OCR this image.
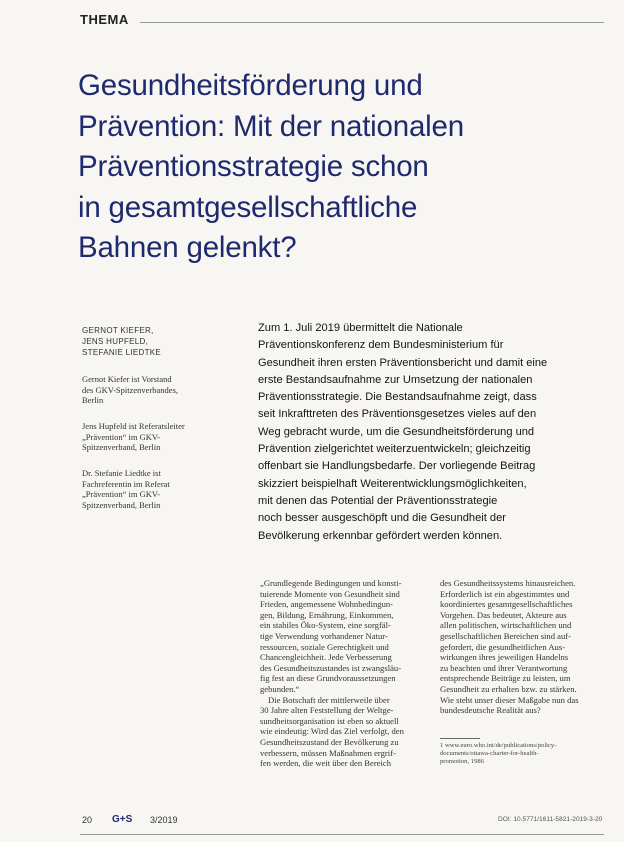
THEMA
Gesundheitsförderung und
Prävention: Mit der nationalen
Präventionsstrategie schon
in gesamtgesellschaftliche
Bahnen gelenkt?
GERNOT KIEFER,
JENS HUPFELD,
STEFANIE LIEDTKE
Gernot Kiefer ist Vorstand
des GKV-Spitzenverbandes,
Berlin
Jens Hupfeld ist Referatsleiter
„Prävention“ im GKV-
Spitzenverband, Berlin
Dr. Stefanie Liedtke ist
Fachreferentin im Referat
„Prävention“ im GKV-
Spitzenverband, Berlin
Zum 1. Juli 2019 übermittelt die Nationale
Präventionskonferenz dem Bundesministerium für
Gesundheit ihren ersten Präventionsbericht und damit eine
erste Bestandsaufnahme zur Umsetzung der nationalen
Präventionsstrategie. Die Bestandsaufnahme zeigt, dass
seit Inkrafttreten des Präventionsgesetzes vieles auf den
Weg gebracht wurde, um die Gesundheitsförderung und
Prävention zielgerichtet weiterzuentwickeln; gleichzeitig
offenbart sie Handlungsbedarfe. Der vorliegende Beitrag
skizziert beispielhaft Weiterentwicklungsmöglichkeiten,
mit denen das Potential der Präventionsstrategie
noch besser ausgeschöpft und die Gesundheit der
Bevölkerung erkennbar gefördert werden können.
„Grundlegende Bedingungen und konsti-
tuierende Momente von Gesundheit sind
Frieden, angemessene Wohnbedingun-
gen, Bildung, Ernährung, Einkommen,
ein stabiles Öko-System, eine sorgfäl-
tige Verwendung vorhandener Natur-
ressourcen, soziale Gerechtigkeit und
Chancengleichheit. Jede Verbesserung
des Gesundheitszustandes ist zwangsläu-
fig fest an diese Grundvoraussetzungen
gebunden.“
Die Botschaft der mittlerweile über
30 Jahre alten Feststellung der Weltge-
sundheitsorganisation ist eben so aktuell
wie eindeutig: Wird das Ziel verfolgt, den
Gesundheitszustand der Bevölkerung zu
verbessern, müssen Maßnahmen ergrif-
fen werden, die weit über den Bereich
des Gesundheitssystems hinausreichen.
Erforderlich ist ein abgestimmtes und
koordiniertes gesamtgesellschaftliches
Vorgehen. Das bedeutet, Akteure aus
allen politischen, wirtschaftlichen und
gesellschaftlichen Bereichen sind auf-
gefordert, die gesundheitlichen Aus-
wirkungen ihres jeweiligen Handelns
zu beachten und ihrer Verantwortung
entsprechende Beiträge zu leisten, um
Gesundheit zu erhalten bzw. zu stärken.
Wie steht unser dieser Maßgabe nun das
bundesdeutsche Realität aus?
1 www.euro.who.int/de/publications/policy-
documents/ottawa-charter-for-health-
promotion, 1986
20 G+S 3/2019	DOI: 10.5771/1611-5821-2019-3-20
